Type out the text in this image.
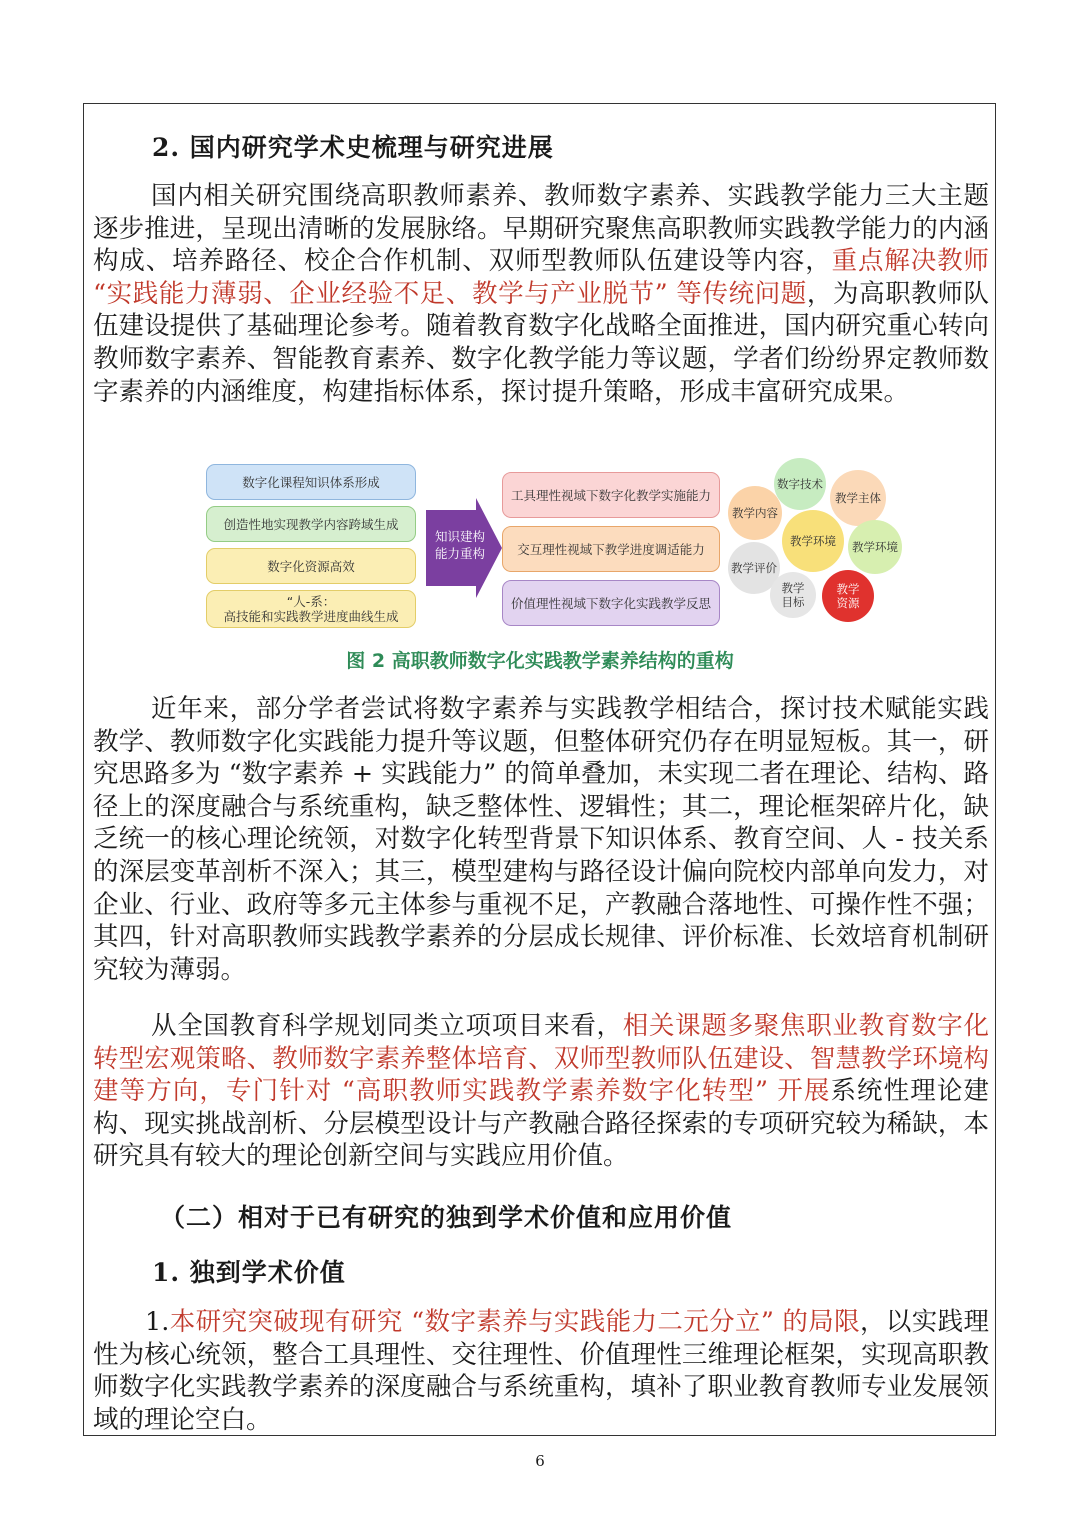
2. 国内研究学术史梳理与研究进展

国内相关研究围绕高职教师素养、教师数字素养、实践教学能力三大主题逐步推进，呈现出清晰的发展脉络。早期研究聚焦高职教师实践教学能力的内涵构成、培养路径、校企合作机制、双师型教师队伍建设等内容，重点解决教师 “实践能力薄弱、企业经验不足、教学与产业脱节” 等传统问题，为高职教师队伍建设提供了基础理论参考。随着教育数字化战略全面推进，国内研究重心转向教师数字素养、智能教育素养、数字化教学能力等议题，学者们纷纷界定教师数字素养的内涵维度，构建指标体系，探讨提升策略，形成丰富研究成果。

数字化课程知识体系形成
创造性地实现教学内容跨域生成
数字化资源高效
“人-系：
高技能和实践教学进度曲线生成
知识建构
能力重构
工具理性视域下数字化教学实施能力
交互理性视域下教学进度调适能力
价值理性视域下数字化实践教学反思
数字技术
教学主体
教学内容
教学环境	教学环境
教学评价
教学
目标
教学
资源
图 2 高职教师数字化实践教学素养结构的重构

近年来，部分学者尝试将数字素养与实践教学相结合，探讨技术赋能实践教学、教师数字化实践能力提升等议题，但整体研究仍存在明显短板。其一，研究思路多为 “数字素养 + 实践能力” 的简单叠加，未实现二者在理论、结构、路径上的深度融合与系统重构，缺乏整体性、逻辑性；其二，理论框架碎片化，缺乏统一的核心理论统领，对数字化转型背景下知识体系、教育空间、人 - 技关系的深层变革剖析不深入；其三，模型建构与路径设计偏向院校内部单向发力，对企业、行业、政府等多元主体参与重视不足，产教融合落地性、可操作性不强；其四，针对高职教师实践教学素养的分层成长规律、评价标准、长效培育机制研究较为薄弱。

从全国教育科学规划同类立项项目来看，相关课题多聚焦职业教育数字化转型宏观策略、教师数字素养整体培育、双师型教师队伍建设、智慧教学环境构建等方向，专门针对 “高职教师实践教学素养数字化转型” 开展系统性理论建构、现实挑战剖析、分层模型设计与产教融合路径探索的专项研究较为稀缺，本研究具有较大的理论创新空间与实践应用价值。

（二）相对于已有研究的独到学术价值和应用价值
1. 独到学术价值

1.本研究突破现有研究 “数字素养与实践能力二元分立” 的局限，以实践理性为核心统领，整合工具理性、交往理性、价值理性三维理论框架，实现高职教师数字化实践教学素养的深度融合与系统重构，填补了职业教育教师专业发展领域的理论空白。

6
